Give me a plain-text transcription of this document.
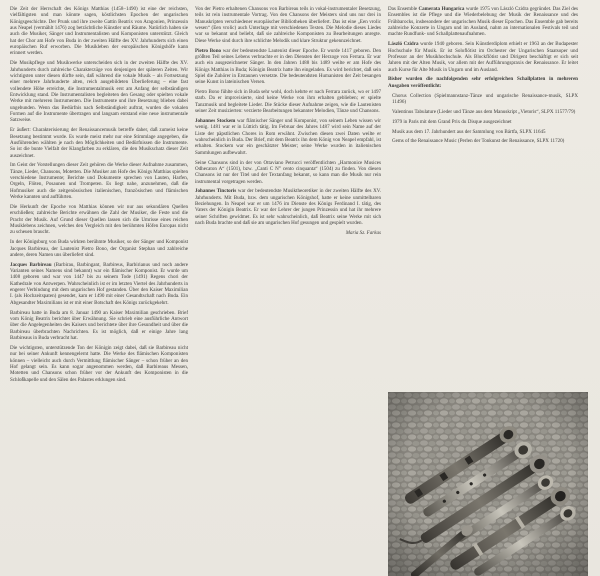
Die Zeit der Herrschaft des Königs Matthias (1458–1490) ist eine der reichsten, vielfältigsten und man könnte sagen, köstlichsten Epochen der ungarischen Königsgeschichte. Der Prunk und ihre zweite Gattin Beatrix von Aragonien, Prinzessin aus Neapel (vermählt 1476) zog beträchtliche Künstler und Räume. Natürlich haben sie auch die Musiker, Sänger und Instrumentalisten und Komponisten unterstützt. Gleich hat der Chor am Hofe von Buda in der zweiten Hälfte des XV. Jahrhunderts sich einen europäischen Ruf erworben. Die Musikleben der europäischen Königshöfe kann erinnert werden.

Die Musikpflege und Musikwerke unterscheiden sich in der zweiten Hälfte des XV. Jahrhunderts durch zahlreiche Charakterzüge von denjenigen der späteren Zeiten. Wir wichtigsten unter diesen dürfte sein, daß während die vokale Musik – als Fortsetzung einer mehrere Jahrhunderte alten, reich ausgebildeten Überlieferung – eine fast vollendete Höhe erreichte, die Instrumentalmusik erst am Anfang der selbständigen Entwicklung stand. Die Instrumentalisten begleiteten den Gesang oder spielten vokale Werke mit mehreren Instrumenten. Die Instrumente und ihre Besetzung blieben dabei ungebunden. Wenn das Bedürfnis nach Selbständigkeit auftrat, wurden die vokalen Formen auf die Instrumente übertragen und langsam entstand eine neue instrumentale Satzweise.

Er äußert: Charakterisierung der Renaissancemusik betreffe daher, daß zumeist keine Besetzung bestimmt wurde. Es wurde meist mehr nur eine Stimmlage angegeben, die Ausführenden wählten je nach den Möglichkeiten und Bedürfnissen die Instrumente. So ist die bunte Vielfalt der Klangfarben zu erklären, die den Musikschatz dieser Zeit auszeichnet.

Im Geist der Vorstellungen dieser Zeit gehören die Werke dieser Aufnahme zusammen, Tänze, Lieder, Chansons, Motetten. Die Musiker am Hofe des Königs Matthias spielten verschiedene Instrumente; Berichte und Dokumente sprechen von Lauten, Harfen, Orgeln, Flöten, Posaunen und Trompeten. Es liegt nahe, anzunehmen, daß die Hofmusiker auch die zeitgenössischen italienischen, französischen und flämischen Werke kannten und aufführten.

Die Herkunft der Epoche von Matthias können wir nur aus sekundären Quellen erschließen; zahlreiche Berichte erwähnen die Zahl der Musiker, die Feste und die Pracht der Musik. Auf Grund dieser Quellen lassen sich die Umrisse eines reichen Musiklebens zeichnen, welches den Vergleich mit den berühmten Höfen Europas nicht zu scheuen braucht.

In der Königsburg von Buda wirkten berühmte Musiker, so der Sänger und Komponist Jacques Barbireau, der Lautenist Pietro Bono, der Organist Stephan und zahlreiche andere, deren Namen uns überliefert sind.

Jacques Barbireau (Barbirau, Barbingant, Barbireus, Barbirianus und noch andere Varianten seines Namens sind bekannt) war ein flämischer Komponist. Er wurde um 1408 geboren und war von 1447 bis zu seinem Tode (1491) Regens chori der Kathedrale von Antwerpen. Wahrscheinlich ist er im letzten Viertel des Jahrhunderts in engerer Verbindung mit dem ungarischen Hof gestanden. Über den Kaiser Maximilian I. (als Hochzeitspaten) gesendet, kam er 1490 mit einer Gesandtschaft nach Buda. Ein Abgesandter Maximilians ist er mit einer Botschaft des Königs zurückgekehrt.

Barbireau hatte in Buda am 8. Januar 1490 an Kaiser Maximilian geschrieben. Brief vom König Beatrix berichtet über Erwähnung. Sie schrieb eine ausführliche Antwort über die Angelegenheiten des Kaisers und berichtete über ihre Gesundheit und über die Barbireau überbrachten Nachrichten. Es ist möglich, daß er einige Jahre lang Barbireaus in Buda verbracht hat.

Die wichtigsten, unterstützende Ton der Königin zeigt dabei, daß sie Barbireau nicht nur bei seiner Ankunft kennengelernt hatte. Die Werke des flämischen Komponisten können – vielleicht auch durch Vermittlung flämischer Sänger – schon früher an den Hof gelangt sein. Es kann sogar angenommen werden, daß Barbireaus Messen, Motetten und Chansons schon früher vor der Ankunft des Komponisten in die Schloßkapelle und den Sälen des Palastes erklungen sind.

Von der Pietro erhaltenen Chansons von Barbireau teils in vokal-instrumentaler Besetzung, teils ist rein instrumentale Vortrag. Von den Chansons der Meisters sind uns nur drei in Manuskripten verschiedener europäischer Bibliotheken überliefert. Das ist eine „Een vrolic wesen“ (Een vrolic) auch Unterlage mit verschiedenen Texten. Die Melodie dieses Liedes war so bekannt und beliebt, daß sie zahlreiche Komponisten zu Bearbeitungen anregte. Diese Werke sind durch ihre schlichte Melodik und klare Struktur gekennzeichnet.

Pietro Bono war der bedeutendste Lautenist dieser Epoche. Er wurde 1417 geboren. Den größten Teil seines Lebens verbrachte er in den Diensten der Herzoge von Ferrara. Er war auch ein ausgezeichneter Sänger. In den Jahren 1488 bis 1489 weilte er am Hofe des Königs Matthias in Buda; Königin Beatrix hatte ihn eingeladen. Es wird berichtet, daß sein Spiel die Zuhörer in Erstaunen versetzte. Die bedeutendsten Humanisten der Zeit besangen seine Kunst in lateinischen Versen.

Pietro Bono fühlte sich in Buda sehr wohl, doch kehrte er nach Ferrara zurück, wo er 1497 starb. Da er improvisierte, sind keine Werke von ihm erhalten geblieben; er spielte Tanzmusik und begleitete Lieder. Die Stücke dieser Aufnahme zeigen, wie die Lautenisten seiner Zeit musizierten: verzierte Bearbeitungen bekannter Melodien, Tänze und Chansons.

Johannes Stockem war flämischer Sänger und Komponist, von seinem Leben wissen wir wenig. 1481 war er in Lüttich tätig. Im Februar des Jahres 1487 wird sein Name auf der Liste der päpstlichen Chores in Rom erwähnt. Zwischen diesen zwei Daten weilte er wahrscheinlich in Buda. Der Brief, mit dem Beatrix ihn dem König von Neapel empfahl, ist erhalten. Stockem war ein geschätzter Meister; seine Werke wurden in italienischen Sammlungen aufbewahrt.

Seine Chansons sind in der von Ottaviano Petrucci veröffentlichten „Harmonice Musices Odhecaton A“ (1501), bzw. „Canti C N° cento cinquanta“ (1504) zu finden. Von diesen Chansons ist nur der Titel und der Textanfang bekannt, so kann man die Musik nur rein instrumental vorgetragen werden.

Johannes Tinctoris war der bedeutendste Musiktheoretiker in der zweiten Hälfte des XV. Jahrhunderts. Mit Buda, bzw. dem ungarischen Königshof, hatte er keine unmittelbaren Beziehungen. In Neapel war er um 1476 im Dienste des Königs Ferdinand I. tätig, des Vaters der Königin Beatrix. Er war der Lehrer der jungen Prinzessin und hat ihr mehrere seiner Schriften gewidmet. Es ist sehr wahrscheinlich, daß Beatrix seine Werke mit sich nach Buda brachte und daß sie am ungarischen Hof gesungen und gespielt wurden.

Maria Sz. Farkas

Das Ensemble Camerata Hungarica wurde 1975 von László Czidra gegründet. Das Ziel des Ensembles ist die Pflege und die Wiederbelebung der Musik der Renaissance und des Frühbarocks, insbesondere der ungarischen Musik dieser Epochen. Das Ensemble gab bereits zahlreiche Konzerte in Ungarn und im Ausland, nahm an internationalen Festivals teil und machte Rundfunk- und Schallplattenaufnahmen.

László Czidra wurde 1940 geboren. Sein Künstlerdiplom erhielt er 1963 an der Budapester Hochschule für Musik. Er ist Soloflötist im Orchester der Ungarischen Staatsoper und Professor an der Musikhochschule. Als Blockflötist und Dirigent beschäftigt er sich seit Jahren mit der Alten Musik, vor allem mit der Aufführungspraxis der Renaissance. Er leitet auch Kurse für Alte Musik in Ungarn und im Ausland.

Bisher wurden die nachfolgenden sehr erfolgreichen Schallplatten in mehreren Ausgaben veröffentlicht:

Chorus Collection (Spielmannstanz-Tänze und ungarische Renaissance-musik, SLPX 11496)

Valentinus Tabulature (Lieder und Tänze aus dem Manuskript „Vietoris“, SLPX 11577/79)

1979 in Paris mit dem Grand Prix du Disque ausgezeichnet

Musik aus dem 17. Jahrhundert aus der Sammlung von Bártfa, SLPX 11645

Gems of the Renaissance Music (Perlen der Tonkunst der Renaissance, SLPX 11720)
